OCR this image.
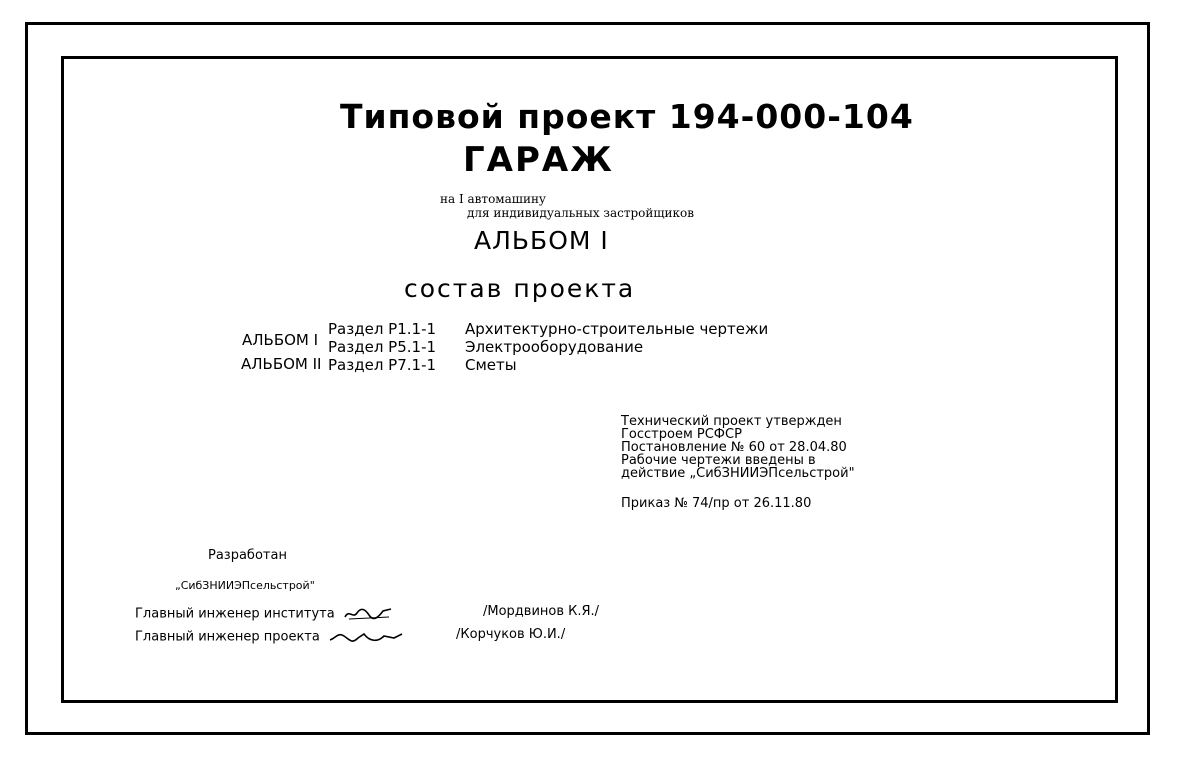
Типовой проект 194-000-104
ГАРАЖ
на I автомашину
для индивидуальных застройщиков
АЛЬБОМ I
состав проекта
АЛЬБОМ I
АЛЬБОМ II
Раздел Р1.1-1 Архитектурно-строительные чертежи
Раздел Р5.1-1 Электрооборудование
Раздел Р7.1-1 Сметы
Технический проект утвержден
Госстроем РСФСР
Постановление № 60 от 28.04.80
Рабочие чертежи введены в
действие „СибЗНИИЭПсельстрой"
Приказ № 74/пр от 26.11.80
Разработан
„СибЗНИИЭПсельстрой"
Главный инженер института	/Мордвинов К.Я./
Главный инженер проекта	/Корчуков Ю.И./
